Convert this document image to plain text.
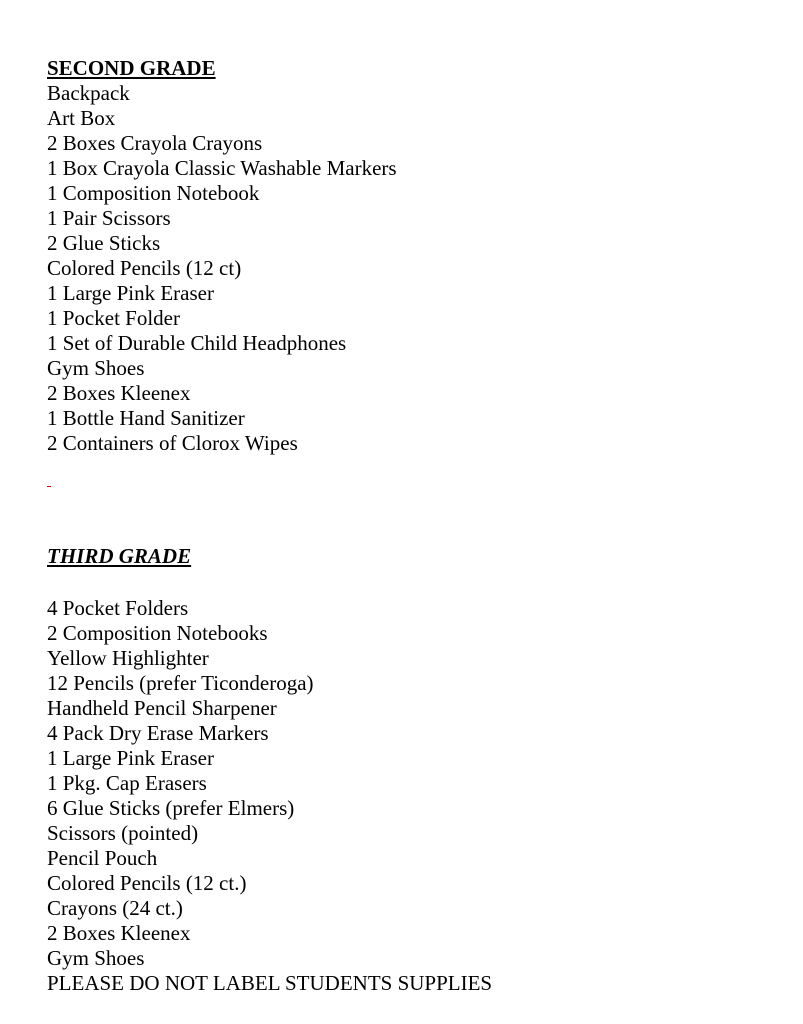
SECOND GRADE

Backpack
Art Box
2 Boxes Crayola Crayons
1 Box Crayola Classic Washable Markers
1 Composition Notebook
1 Pair Scissors
2 Glue Sticks
Colored Pencils (12 ct)
1 Large Pink Eraser
1 Pocket Folder
1 Set of Durable Child Headphones
Gym Shoes
2 Boxes Kleenex
1 Bottle Hand Sanitizer
2 Containers of Clorox Wipes

THIRD GRADE

4 Pocket Folders
2 Composition Notebooks
Yellow Highlighter
12 Pencils (prefer Ticonderoga)
Handheld Pencil Sharpener
4 Pack Dry Erase Markers
1 Large Pink Eraser
1 Pkg. Cap Erasers
6 Glue Sticks (prefer Elmers)
Scissors (pointed)
Pencil Pouch
Colored Pencils (12 ct.)
Crayons (24 ct.)
2 Boxes Kleenex
Gym Shoes
PLEASE DO NOT LABEL STUDENTS SUPPLIES
